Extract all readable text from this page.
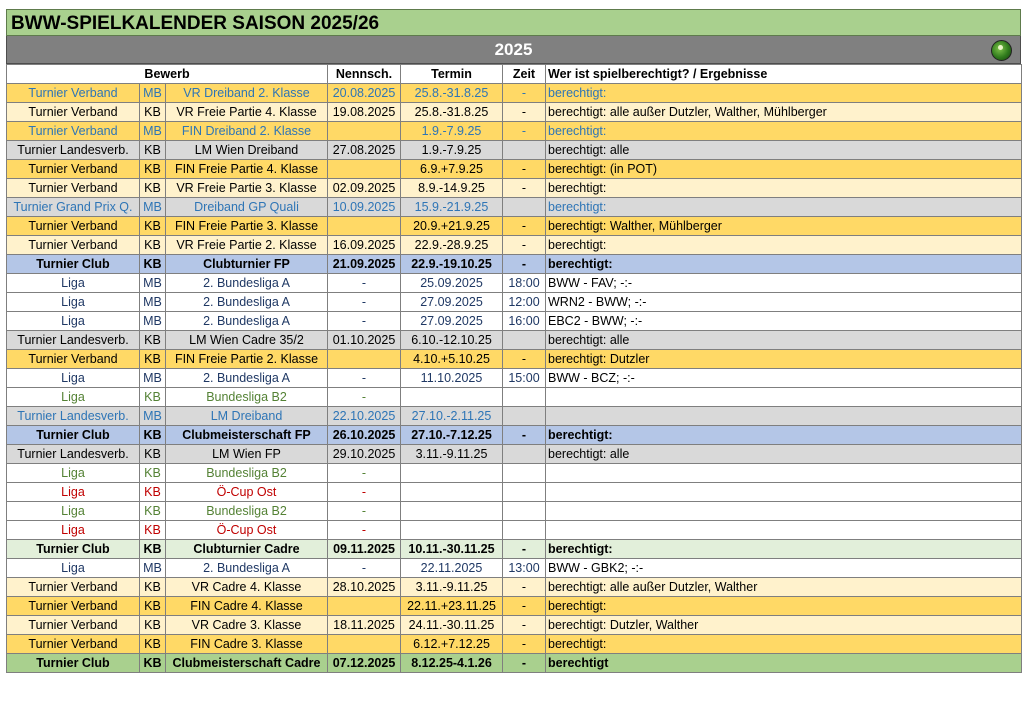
BWW-SPIELKALENDER SAISON 2025/26
2025
Bewerb			Nennsch.	Termin	Zeit	Wer ist spielberechtigt? / Ergebnisse
Turnier Verband	MB	VR Dreiband 2. Klasse	20.08.2025	25.8.-31.8.25	-	berechtigt:
Turnier Verband	KB	VR Freie Partie 4. Klasse	19.08.2025	25.8.-31.8.25	-	berechtigt: alle außer Dutzler, Walther, Mühlberger
Turnier Verband	MB	FIN Dreiband 2. Klasse		1.9.-7.9.25	-	berechtigt:
Turnier Landesverb.	KB	LM Wien Dreiband	27.08.2025	1.9.-7.9.25		berechtigt: alle
Turnier Verband	KB	FIN Freie Partie 4. Klasse		6.9.+7.9.25	-	berechtigt: (in POT)
Turnier Verband	KB	VR Freie Partie 3. Klasse	02.09.2025	8.9.-14.9.25	-	berechtigt:
Turnier Grand Prix Q.	MB	Dreiband GP Quali	10.09.2025	15.9.-21.9.25		berechtigt:
Turnier Verband	KB	FIN Freie Partie 3. Klasse		20.9.+21.9.25	-	berechtigt: Walther, Mühlberger
Turnier Verband	KB	VR Freie Partie 2. Klasse	16.09.2025	22.9.-28.9.25	-	berechtigt:
Turnier Club	KB	Clubturnier FP	21.09.2025	22.9.-19.10.25	-	berechtigt:
Liga	MB	2. Bundesliga A	-	25.09.2025	18:00	BWW - FAV; -:-
Liga	MB	2. Bundesliga A	-	27.09.2025	12:00	WRN2 - BWW; -:-
Liga	MB	2. Bundesliga A	-	27.09.2025	16:00	EBC2 - BWW; -:-
Turnier Landesverb.	KB	LM Wien Cadre 35/2	01.10.2025	6.10.-12.10.25		berechtigt: alle
Turnier Verband	KB	FIN Freie Partie 2. Klasse		4.10.+5.10.25	-	berechtigt: Dutzler
Liga	MB	2. Bundesliga A	-	11.10.2025	15:00	BWW - BCZ; -:-
Liga	KB	Bundesliga B2	-			
Turnier Landesverb.	MB	LM Dreiband	22.10.2025	27.10.-2.11.25		
Turnier Club	KB	Clubmeisterschaft FP	26.10.2025	27.10.-7.12.25	-	berechtigt:
Turnier Landesverb.	KB	LM Wien FP	29.10.2025	3.11.-9.11.25		berechtigt: alle
Liga	KB	Bundesliga B2	-			
Liga	KB	Ö-Cup Ost	-			
Liga	KB	Bundesliga B2	-			
Liga	KB	Ö-Cup Ost	-			
Turnier Club	KB	Clubturnier Cadre	09.11.2025	10.11.-30.11.25	-	berechtigt:
Liga	MB	2. Bundesliga A	-	22.11.2025	13:00	BWW - GBK2; -:-
Turnier Verband	KB	VR Cadre 4. Klasse	28.10.2025	3.11.-9.11.25	-	berechtigt: alle außer Dutzler, Walther
Turnier Verband	KB	FIN Cadre 4. Klasse		22.11.+23.11.25	-	berechtigt:
Turnier Verband	KB	VR Cadre 3. Klasse	18.11.2025	24.11.-30.11.25	-	berechtigt: Dutzler, Walther
Turnier Verband	KB	FIN Cadre 3. Klasse		6.12.+7.12.25	-	berechtigt:
Turnier Club	KB	Clubmeisterschaft Cadre	07.12.2025	8.12.25-4.1.26	-	berechtigt
